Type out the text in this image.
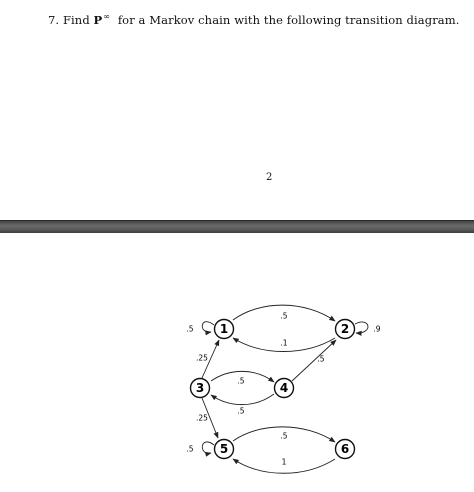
7. Find P∞ for a Markov chain with the following transition diagram.
2
.5
.5
.1
.9
.25
.5
.5
.5
.25
.5
.5
1
1	2
3	4
5	6
